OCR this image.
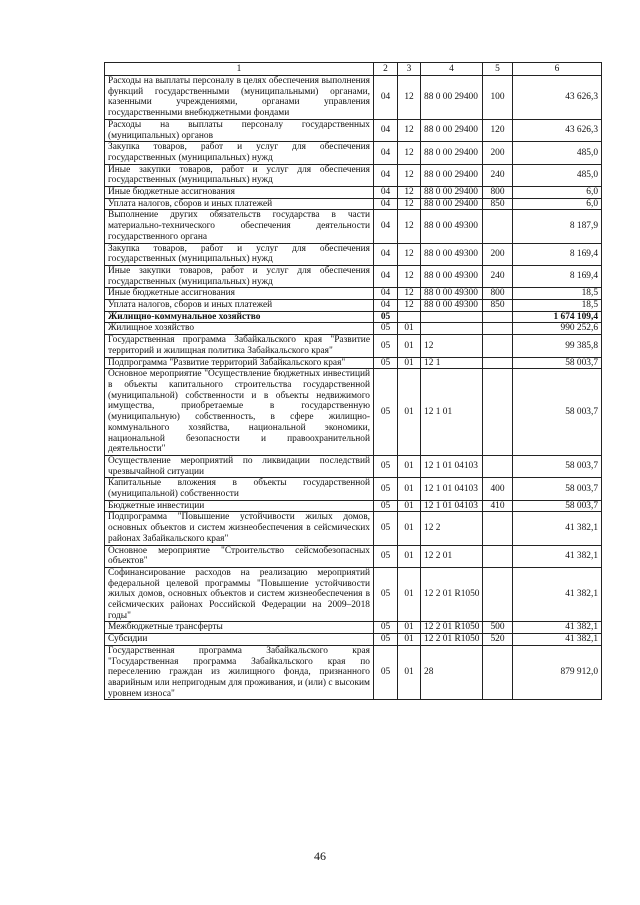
1	2	3	4	5	6
Расходы на выплаты персоналу в целях обеспечения выполнения функций государственными (муниципальными) органами, казенными учреждениями, органами управления государственными внебюджетными фондами	04	12	88 0 00 29400	100	43 626,3
Расходы на выплаты персоналу государственных (муниципальных) органов	04	12	88 0 00 29400	120	43 626,3
Закупка товаров, работ и услуг для обеспечения государственных (муниципальных) нужд	04	12	88 0 00 29400	200	485,0
Иные закупки товаров, работ и услуг для обеспечения государственных (муниципальных) нужд	04	12	88 0 00 29400	240	485,0
Иные бюджетные ассигнования	04	12	88 0 00 29400	800	6,0
Уплата налогов, сборов и иных платежей	04	12	88 0 00 29400	850	6,0
Выполнение других обязательств государства в части материально-технического обеспечения деятельности государственного органа	04	12	88 0 00 49300		8 187,9
Закупка товаров, работ и услуг для обеспечения государственных (муниципальных) нужд	04	12	88 0 00 49300	200	8 169,4
Иные закупки товаров, работ и услуг для обеспечения государственных (муниципальных) нужд	04	12	88 0 00 49300	240	8 169,4
Иные бюджетные ассигнования	04	12	88 0 00 49300	800	18,5
Уплата налогов, сборов и иных платежей	04	12	88 0 00 49300	850	18,5
Жилищно-коммунальное хозяйство	05				1 674 109,4
Жилищное хозяйство	05	01			990 252,6
Государственная программа Забайкальского края "Развитие территорий и жилищная политика Забайкальского края"	05	01	12		99 385,8
Подпрограмма "Развитие территорий Забайкальского края"	05	01	12 1		58 003,7
Основное мероприятие "Осуществление бюджетных инвестиций в объекты капитального строительства государственной (муниципальной) собственности и в объекты недвижимого имущества, приобретаемые в государственную (муниципальную) собственность, в сфере жилищно-коммунального хозяйства, национальной экономики, национальной безопасности и правоохранительной деятельности"	05	01	12 1 01		58 003,7
Осуществление мероприятий по ликвидации последствий чрезвычайной ситуации	05	01	12 1 01 04103		58 003,7
Капитальные вложения в объекты государственной (муниципальной) собственности	05	01	12 1 01 04103	400	58 003,7
Бюджетные инвестиции	05	01	12 1 01 04103	410	58 003,7
Подпрограмма "Повышение устойчивости жилых домов, основных объектов и систем жизнеобеспечения в сейсмических районах Забайкальского края"	05	01	12 2		41 382,1
Основное мероприятие "Строительство сейсмобезопасных объектов"	05	01	12 2 01		41 382,1
Софинансирование расходов на реализацию мероприятий федеральной целевой программы "Повышение устойчивости жилых домов, основных объектов и систем жизнеобеспечения в сейсмических районах Российской Федерации на 2009–2018 годы"	05	01	12 2 01 R1050		41 382,1
Межбюджетные трансферты	05	01	12 2 01 R1050	500	41 382,1
Субсидии	05	01	12 2 01 R1050	520	41 382,1
Государственная программа Забайкальского края "Государственная программа Забайкальского края по переселению граждан из жилищного фонда, признанного аварийным или непригодным для проживания, и (или) с высоким уровнем износа"	05	01	28		879 912,0
46
